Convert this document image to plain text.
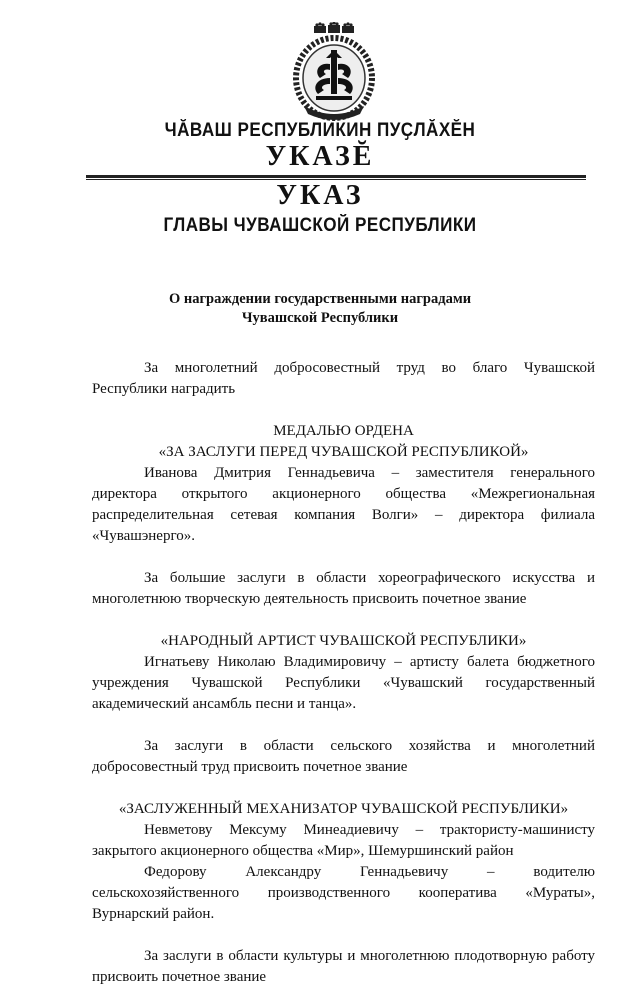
ЧĂВАШ РЕСПУБЛИКИН ПУҪЛĂХĔН
УКАЗĔ
УКАЗ
ГЛАВЫ ЧУВАШСКОЙ РЕСПУБЛИКИ
О награждении государственными наградами
Чувашской Республики

За многолетний добросовестный труд во благо Чувашской Республики наградить

МЕДАЛЬЮ ОРДЕНА

«ЗА ЗАСЛУГИ ПЕРЕД ЧУВАШСКОЙ РЕСПУБЛИКОЙ»

Иванова Дмитрия Геннадьевича – заместителя генерального директора открытого акционерного общества «Межрегиональная распределительная сетевая компания Волги» – директора филиала «Чувашэнерго».

За большие заслуги в области хореографического искусства и многолетнюю творческую деятельность присвоить почетное звание

«НАРОДНЫЙ АРТИСТ ЧУВАШСКОЙ РЕСПУБЛИКИ»

Игнатьеву Николаю Владимировичу – артисту балета бюджетного учреждения Чувашской Республики «Чувашский государственный академический ансамбль песни и танца».

За заслуги в области сельского хозяйства и многолетний добросовестный труд присвоить почетное звание

«ЗАСЛУЖЕННЫЙ МЕХАНИЗАТОР ЧУВАШСКОЙ РЕСПУБЛИКИ»

Невметову Мексуму Минеадиевичу – трактористу-машинисту закрытого акционерного общества «Мир», Шемуршинский район

Федорову Александру Геннадьевичу – водителю сельскохозяйственного производственного кооператива «Мураты», Вурнарский район.

За заслуги в области культуры и многолетнюю плодотворную работу присвоить почетное звание
